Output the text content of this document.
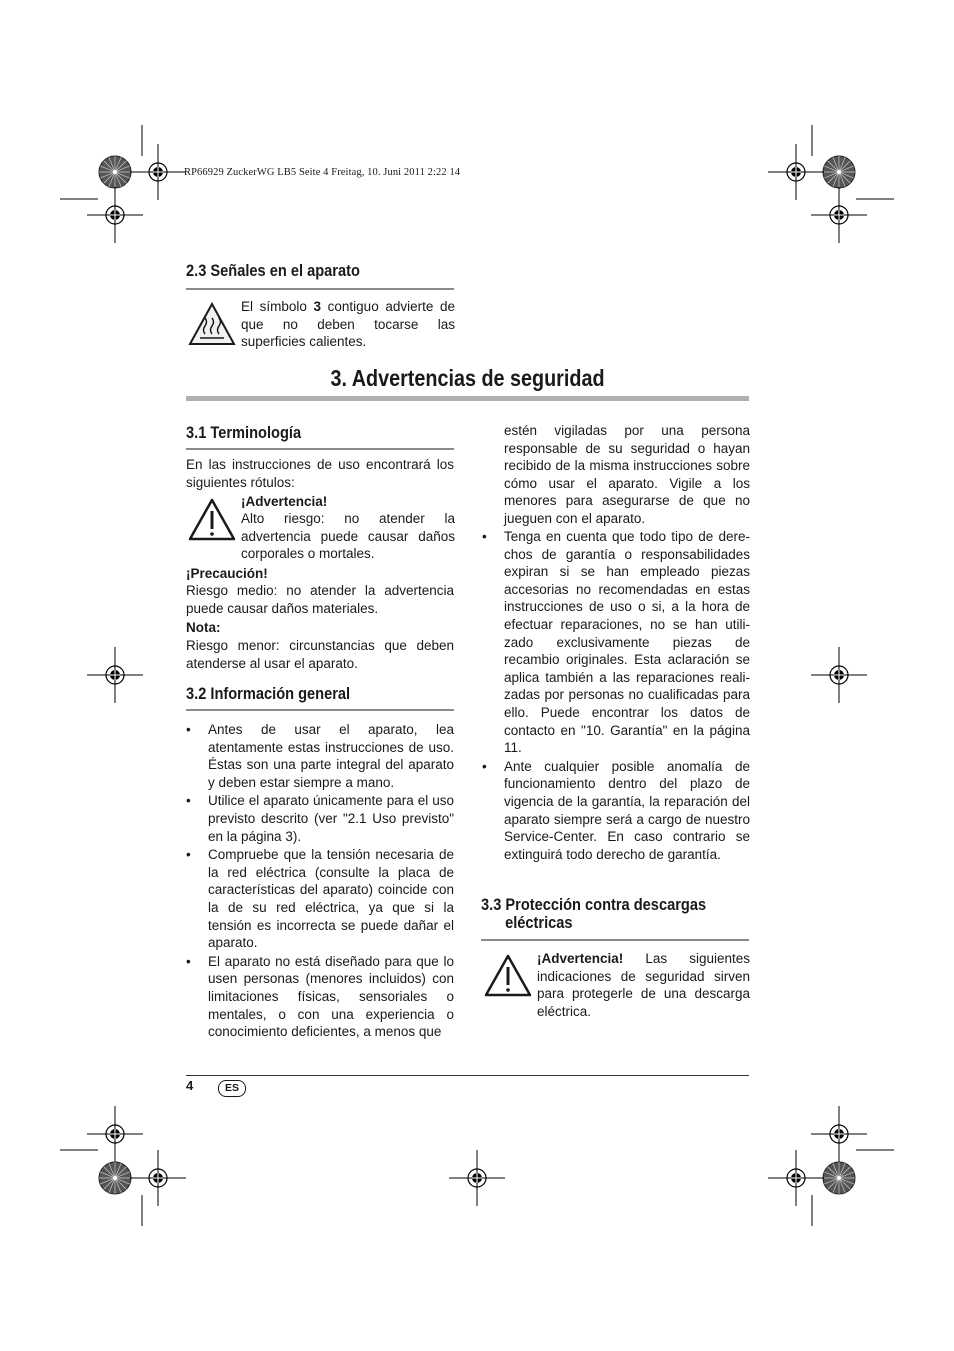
RP66929 ZuckerWG LB5 Seite 4 Freitag, 10. Juni 2011 2:22 14
2.3 Señales en el aparato
El símbolo 3 contiguo advierte de que no deben tocarse las superficies calientes.
3. Advertencias de seguridad
3.1 Terminología
En las instrucciones de uso encontrará los siguientes rótulos:
¡Advertencia!
Alto riesgo: no atender la advertencia puede causar daños corporales o mortales.
¡Precaución!
Riesgo medio: no atender la advertencia puede causar daños materiales.
Nota:
Riesgo menor: circunstancias que deben atenderse al usar el aparato.
3.2 Información general
• Antes de usar el aparato, lea atentamente estas instrucciones de uso. Éstas son una parte integral del aparato y deben estar siempre a mano.
• Utilice el aparato únicamente para el uso previsto descrito (ver "2.1 Uso previsto" en la página 3).
• Compruebe que la tensión necesaria de la red eléctrica (consulte la placa de características del aparato) coincide con la de su red eléctrica, ya que si la tensión es incorrecta se puede dañar el aparato.
• El aparato no está diseñado para que lo usen personas (menores incluidos) con limitaciones físicas, sensoriales o mentales, o con una experiencia o conocimiento deficientes, a menos que
estén vigiladas por una persona responsable de su seguridad o hayan recibido de la misma instrucciones sobre cómo usar el aparato. Vigile a los menores para asegurarse de que no jueguen con el aparato.
• Tenga en cuenta que todo tipo de dere-chos de garantía o responsabilidades expiran si se han empleado piezas accesorias no recomendadas en estas instrucciones de uso o si, a la hora de efectuar reparaciones, no se han utili-zado exclusivamente piezas de recambio originales. Esta aclaración se aplica también a las reparaciones reali-zadas por personas no cualificadas para ello. Puede encontrar los datos de contacto en "10. Garantía" en la página 11.
• Ante cualquier posible anomalía de funcionamiento dentro del plazo de vigencia de la garantía, la reparación del aparato siempre será a cargo de nuestro Service-Center. En caso contrario se extinguirá todo derecho de garantía.
3.3 Protección contra descargas
eléctricas
¡Advertencia! Las siguientes indicaciones de seguridad sirven para protegerle de una descarga eléctrica.
4	ES
